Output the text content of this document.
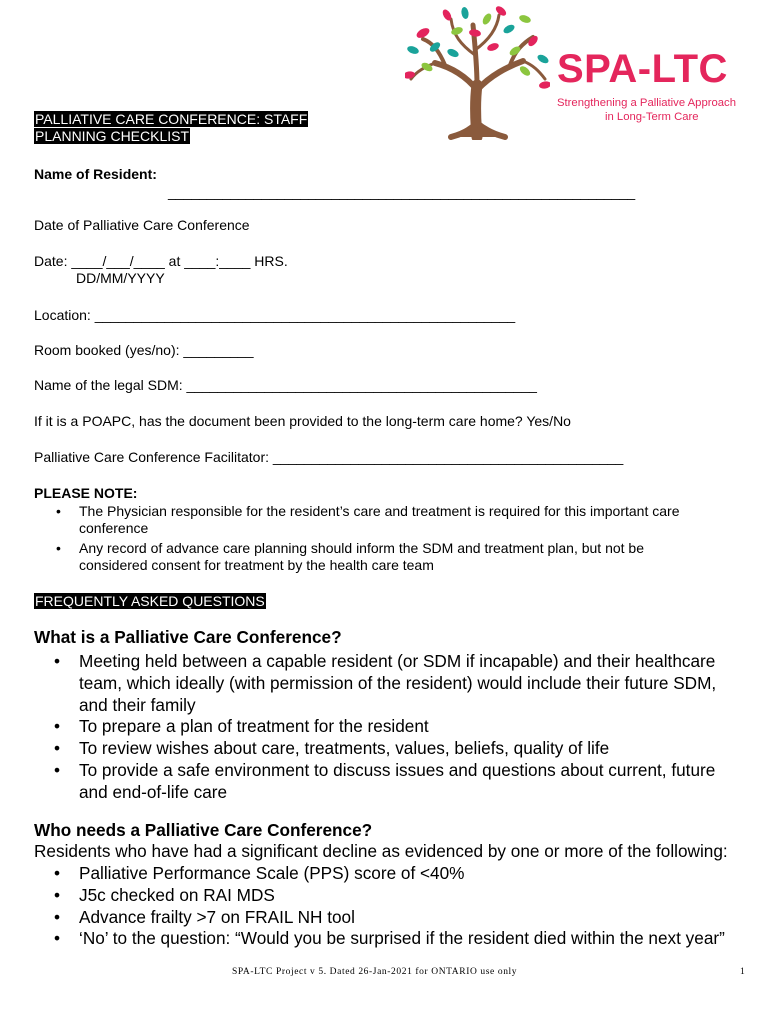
SPA-LTC
Strengthening a Palliative Approach
in Long-Term Care
PALLIATIVE CARE CONFERENCE: STAFF
PLANNING CHECKLIST
Name of Resident:
____________________________________________________________
Date of Palliative Care Conference
Date: ____/___/____ at ____:____ HRS.
DD/MM/YYYY
Location: ______________________________________________________
Room booked (yes/no): _________
Name of the legal SDM: _____________________________________________
If it is a POAPC, has the document been provided to the long-term care home? Yes/No
Palliative Care Conference Facilitator: _____________________________________________
PLEASE NOTE:
• The Physician responsible for the resident’s care and treatment is required for this important care
conference
• Any record of advance care planning should inform the SDM and treatment plan, but not be
considered consent for treatment by the health care team
FREQUENTLY ASKED QUESTIONS
What is a Palliative Care Conference?
• Meeting held between a capable resident (or SDM if incapable) and their healthcare
team, which ideally (with permission of the resident) would include their future SDM,
and their family
• To prepare a plan of treatment for the resident
• To review wishes about care, treatments, values, beliefs, quality of life
• To provide a safe environment to discuss issues and questions about current, future
and end-of-life care
Who needs a Palliative Care Conference?
Residents who have had a significant decline as evidenced by one or more of the following:
• Palliative Performance Scale (PPS) score of <40%
• J5c checked on RAI MDS
• Advance frailty >7 on FRAIL NH tool
• ‘No’ to the question: “Would you be surprised if the resident died within the next year”
SPA-LTC Project v 5. Dated 26-Jan-2021 for ONTARIO use only	1
